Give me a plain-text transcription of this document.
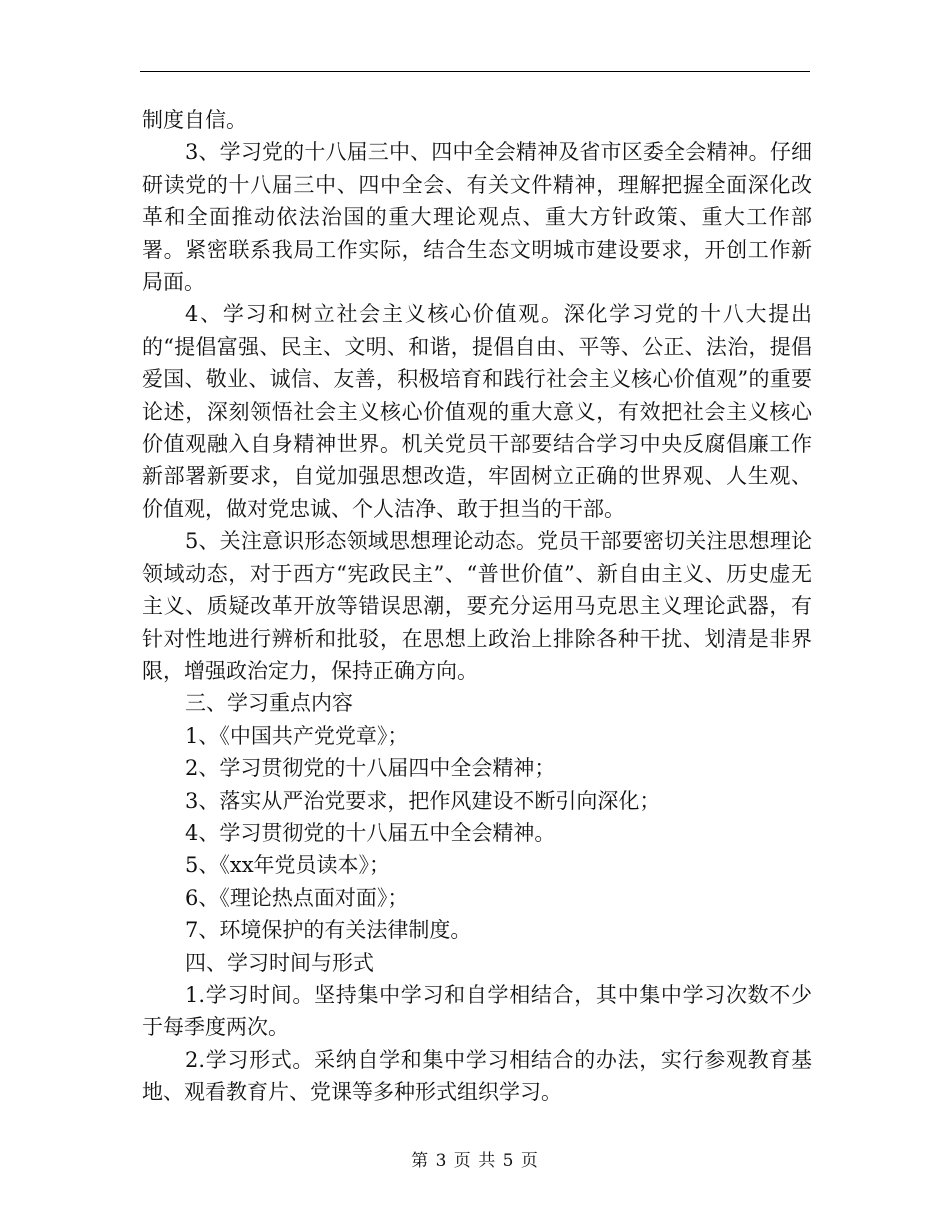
制度自信。

3、学习党的十八届三中、四中全会精神及省市区委全会精神。仔细研读党的十八届三中、四中全会、有关文件精神，理解把握全面深化改革和全面推动依法治国的重大理论观点、重大方针政策、重大工作部署。紧密联系我局工作实际，结合生态文明城市建设要求，开创工作新局面。

4、学习和树立社会主义核心价值观。深化学习党的十八大提出的“提倡富强、民主、文明、和谐，提倡自由、平等、公正、法治，提倡爱国、敬业、诚信、友善，积极培育和践行社会主义核心价值观”的重要论述，深刻领悟社会主义核心价值观的重大意义，有效把社会主义核心价值观融入自身精神世界。机关党员干部要结合学习中央反腐倡廉工作新部署新要求，自觉加强思想改造，牢固树立正确的世界观、人生观、价值观，做对党忠诚、个人洁净、敢于担当的干部。

5、关注意识形态领域思想理论动态。党员干部要密切关注思想理论领域动态，对于西方“宪政民主”、“普世价值”、新自由主义、历史虚无主义、质疑改革开放等错误思潮，要充分运用马克思主义理论武器，有针对性地进行辨析和批驳，在思想上政治上排除各种干扰、划清是非界限，增强政治定力，保持正确方向。

三、学习重点内容

1、《中国共产党党章》；

2、学习贯彻党的十八届四中全会精神；

3、落实从严治党要求，把作风建设不断引向深化；

4、学习贯彻党的十八届五中全会精神。

5、《xx年党员读本》；

6、《理论热点面对面》；

7、环境保护的有关法律制度。

四、学习时间与形式

1.学习时间。坚持集中学习和自学相结合，其中集中学习次数不少于每季度两次。

2.学习形式。采纳自学和集中学习相结合的办法，实行参观教育基地、观看教育片、党课等多种形式组织学习。

第 3 页 共 5 页
